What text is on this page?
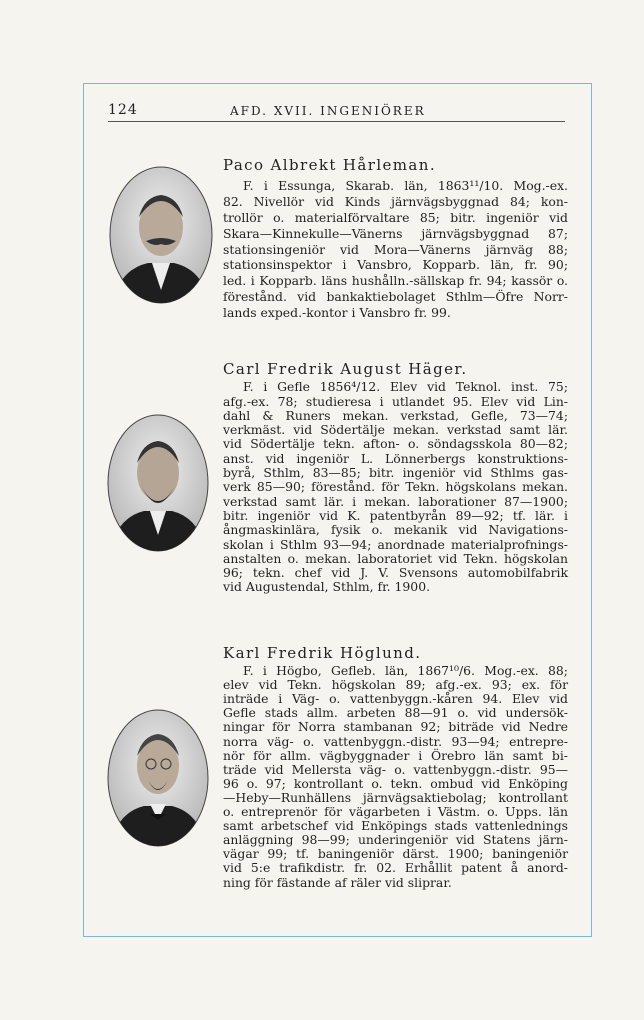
124	AFD. XVII. INGENIÖRER
Paco Albrekt Hårleman.
F. i Essunga, Skarab. län, 1863¹¹/10. Mog.-ex.
82. Nivellör vid Kinds järnvägsbyggnad 84; kon-
trollör o. materialförvaltare 85; bitr. ingeniör vid
Skara—Kinnekulle—Vänerns järnvägsbyggnad 87;
stationsingeniör vid Mora—Vänerns järnväg 88;
stationsinspektor i Vansbro, Kopparb. län, fr. 90;
led. i Kopparb. läns hushålln.-sällskap fr. 94; kassör o.
förestånd. vid bankaktiebolaget Sthlm—Öfre Norr-
lands exped.-kontor i Vansbro fr. 99.
Carl Fredrik August Häger.
F. i Gefle 1856⁴/12. Elev vid Teknol. inst. 75;
afg.-ex. 78; studieresa i utlandet 95. Elev vid Lin-
dahl & Runers mekan. verkstad, Gefle, 73—74;
verkmäst. vid Södertälje mekan. verkstad samt lär.
vid Södertälje tekn. afton- o. söndagsskola 80—82;
anst. vid ingeniör L. Lönnerbergs konstruktions-
byrå, Sthlm, 83—85; bitr. ingeniör vid Sthlms gas-
verk 85—90; förestånd. för Tekn. högskolans mekan.
verkstad samt lär. i mekan. laborationer 87—1900;
bitr. ingeniör vid K. patentbyrån 89—92; tf. lär. i
ångmaskinlära, fysik o. mekanik vid Navigations-
skolan i Sthlm 93—94; anordnade materialprofnings-
anstalten o. mekan. laboratoriet vid Tekn. högskolan
96; tekn. chef vid J. V. Svensons automobilfabrik
vid Augustendal, Sthlm, fr. 1900.
Karl Fredrik Höglund.
F. i Högbo, Gefleb. län, 1867¹⁰/6. Mog.-ex. 88;
elev vid Tekn. högskolan 89; afg.-ex. 93; ex. för
inträde i Väg- o. vattenbyggn.-kåren 94. Elev vid
Gefle stads allm. arbeten 88—91 o. vid undersök-
ningar för Norra stambanan 92; biträde vid Nedre
norra väg- o. vattenbyggn.-distr. 93—94; entrepre-
nör för allm. vägbyggnader i Örebro län samt bi-
träde vid Mellersta väg- o. vattenbyggn.-distr. 95—
96 o. 97; kontrollant o. tekn. ombud vid Enköping
—Heby—Runhällens järnvägsaktiebolag; kontrollant
o. entreprenör för vägarbeten i Västm. o. Upps. län
samt arbetschef vid Enköpings stads vattenlednings
anläggning 98—99; underingeniör vid Statens järn-
vägar 99; tf. baningeniör därst. 1900; baningeniör
vid 5:e trafikdistr. fr. 02. Erhållit patent å anord-
ning för fästande af räler vid sliprar.
